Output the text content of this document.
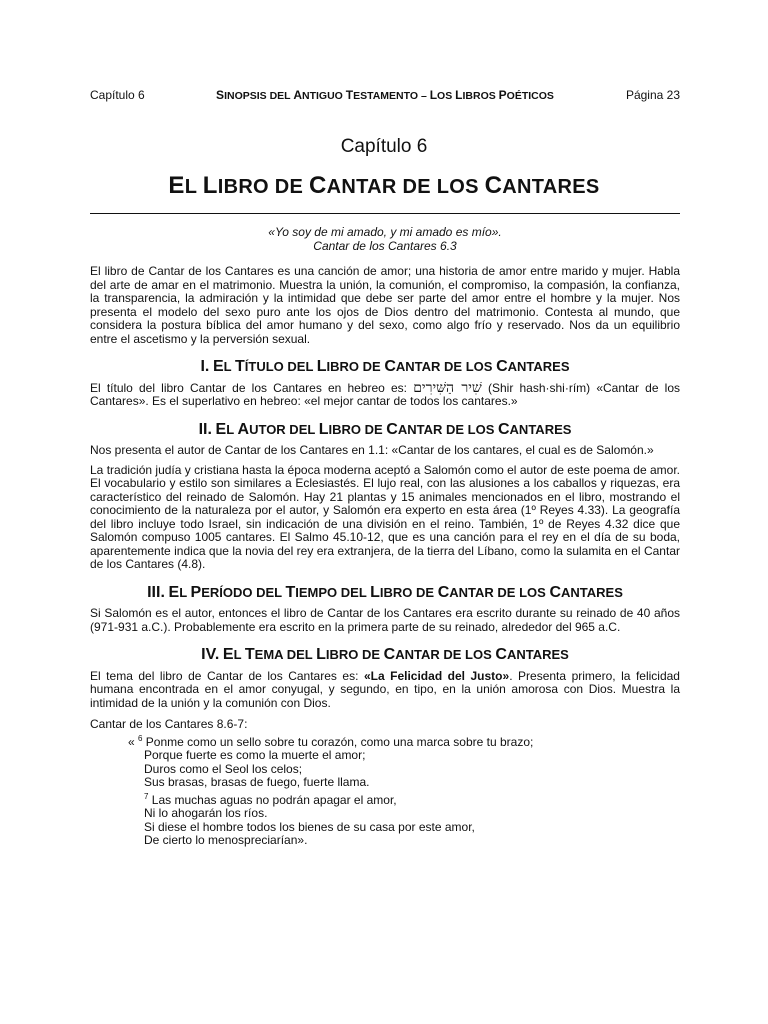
Capítulo 6	SINOPSIS DEL ANTIGUO TESTAMENTO – LOS LIBROS POÉTICOS	Página 23
Capítulo 6
EL LIBRO DE CANTAR DE LOS CANTARES
«Yo soy de mi amado, y mi amado es mío».
Cantar de los Cantares 6.3

El libro de Cantar de los Cantares es una canción de amor; una historia de amor entre marido y mujer. Habla del arte de amar en el matrimonio. Muestra la unión, la comunión, el compromiso, la compasión, la confianza, la transparencia, la admiración y la intimidad que debe ser parte del amor entre el hombre y la mujer. Nos presenta el modelo del sexo puro ante los ojos de Dios dentro del matrimonio. Contesta al mundo, que considera la postura bíblica del amor humano y del sexo, como algo frío y reservado. Nos da un equilibrio entre el ascetismo y la perversión sexual.

I. EL TÍTULO DEL LIBRO DE CANTAR DE LOS CANTARES

El título del libro Cantar de los Cantares en hebreo es: שִׁיר הַשִּׁירִים (Shir hash·shi·rím) «Cantar de los Cantares». Es el superlativo en hebreo: «el mejor cantar de todos los cantares.»

II. EL AUTOR DEL LIBRO DE CANTAR DE LOS CANTARES

Nos presenta el autor de Cantar de los Cantares en 1.1: «Cantar de los cantares, el cual es de Salomón.»

La tradición judía y cristiana hasta la época moderna aceptó a Salomón como el autor de este poema de amor. El vocabulario y estilo son similares a Eclesiastés. El lujo real, con las alusiones a los caballos y riquezas, era característico del reinado de Salomón. Hay 21 plantas y 15 animales mencionados en el libro, mostrando el conocimiento de la naturaleza por el autor, y Salomón era experto en esta área (1º Reyes 4.33). La geografía del libro incluye todo Israel, sin indicación de una división en el reino. También, 1º de Reyes 4.32 dice que Salomón compuso 1005 cantares. El Salmo 45.10-12, que es una canción para el rey en el día de su boda, aparentemente indica que la novia del rey era extranjera, de la tierra del Líbano, como la sulamita en el Cantar de los Cantares (4.8).

III. EL PERÍODO DEL TIEMPO DEL LIBRO DE CANTAR DE LOS CANTARES

Si Salomón es el autor, entonces el libro de Cantar de los Cantares era escrito durante su reinado de 40 años (971-931 a.C.). Probablemente era escrito en la primera parte de su reinado, alrededor del 965 a.C.

IV. EL TEMA DEL LIBRO DE CANTAR DE LOS CANTARES

El tema del libro de Cantar de los Cantares es: «La Felicidad del Justo». Presenta primero, la felicidad humana encontrada en el amor conyugal, y segundo, en tipo, en la unión amorosa con Dios. Muestra la intimidad de la unión y la comunión con Dios.

Cantar de los Cantares 8.6-7:
« $^6$ Ponme como un sello sobre tu corazón, como una marca sobre tu brazo;
Porque fuerte es como la muerte el amor;
Duros como el Seol los celos;
Sus brasas, brasas de fuego, fuerte llama.
$^7$ Las muchas aguas no podrán apagar el amor,
Ni lo ahogarán los ríos.
Si diese el hombre todos los bienes de su casa por este amor,
De cierto lo menospreciarían».
